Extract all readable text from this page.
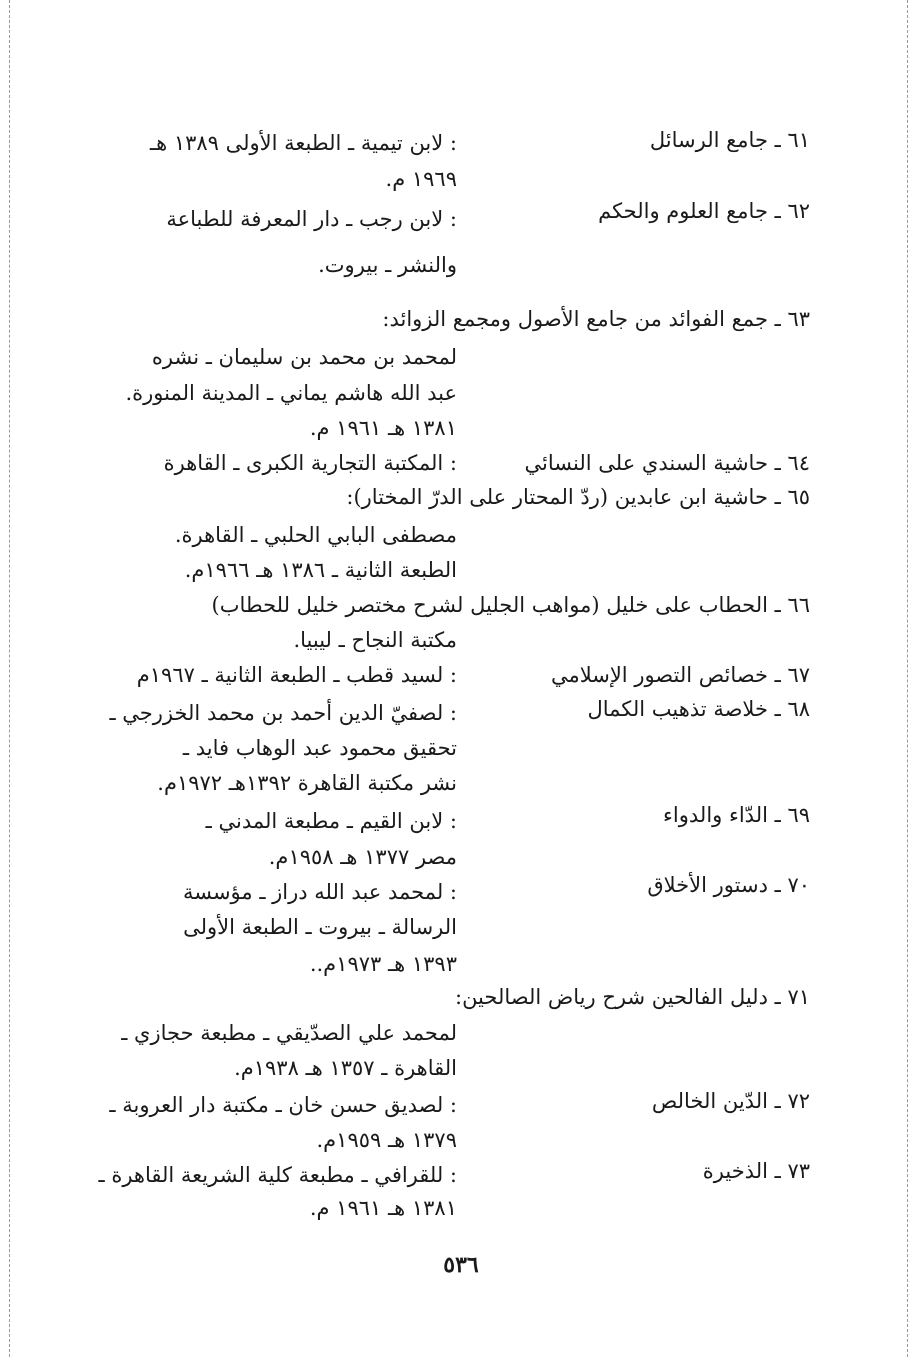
٦١ ـ جامع الرسائل
: لابن تيمية ـ الطبعة الأولى ١٣٨٩ هـ
١٩٦٩ م.
٦٢ ـ جامع العلوم والحكم
: لابن رجب ـ دار المعرفة للطباعة
والنشر ـ بيروت.
٦٣ ـ جمع الفوائد من جامع الأصول ومجمع الزوائد:
لمحمد بن محمد بن سليمان ـ نشره
عبد الله هاشم يماني ـ المدينة المنورة.
١٣٨١ هـ ١٩٦١ م.
٦٤ ـ حاشية السندي على النسائي
: المكتبة التجارية الكبرى ـ القاهرة
٦٥ ـ حاشية ابن عابدين (ردّ المحتار على الدرّ المختار):
مصطفى البابي الحلبي ـ القاهرة.
الطبعة الثانية ـ ١٣٨٦ هـ ١٩٦٦م.
٦٦ ـ الحطاب على خليل (مواهب الجليل لشرح مختصر خليل للحطاب)
مكتبة النجاح ـ ليبيا.
٦٧ ـ خصائص التصور الإسلامي
: لسيد قطب ـ الطبعة الثانية ـ ١٩٦٧م
٦٨ ـ خلاصة تذهيب الكمال
: لصفيّ الدين أحمد بن محمد الخزرجي ـ
تحقيق محمود عبد الوهاب فايد ـ
نشر مكتبة القاهرة ١٣٩٢هـ ١٩٧٢م.
٦٩ ـ الدّاء والدواء
: لابن القيم ـ مطبعة المدني ـ
مصر ١٣٧٧ هـ ١٩٥٨م.
٧٠ ـ دستور الأخلاق
: لمحمد عبد الله دراز ـ مؤسسة
الرسالة ـ بيروت ـ الطبعة الأولى
١٣٩٣ هـ ١٩٧٣م..
٧١ ـ دليل الفالحين شرح رياض الصالحين:
لمحمد علي الصدّيقي ـ مطبعة حجازي ـ
القاهرة ـ ١٣٥٧ هـ ١٩٣٨م.
٧٢ ـ الدّين الخالص
: لصديق حسن خان ـ مكتبة دار العروبة ـ
١٣٧٩ هـ ١٩٥٩م.
٧٣ ـ الذخيرة
: للقرافي ـ مطبعة كلية الشريعة القاهرة ـ
١٣٨١ هـ ١٩٦١ م.
٥٣٦
